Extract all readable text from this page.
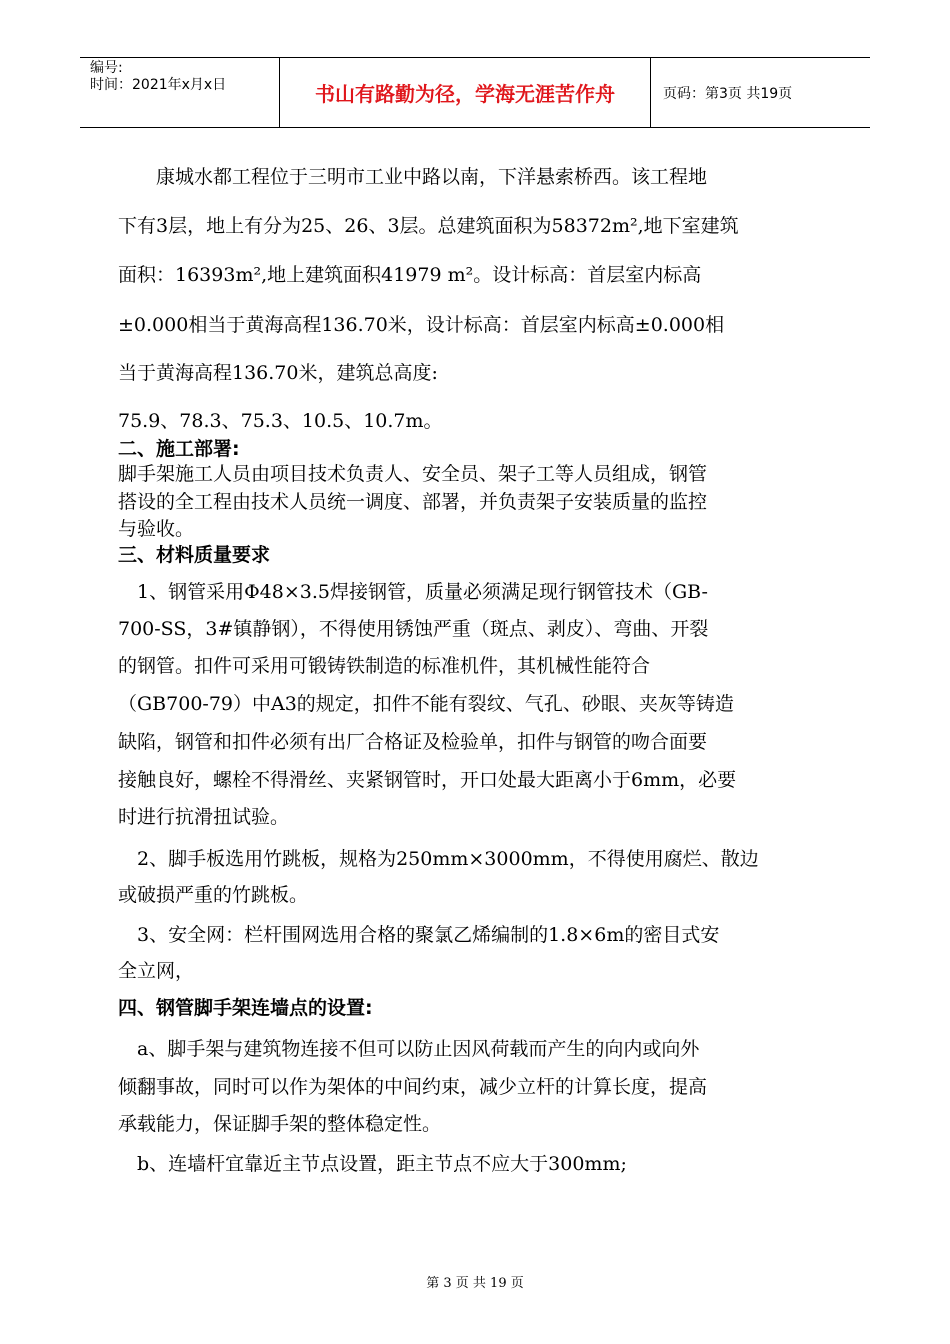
编号:
时间：2021年x月x日	书山有路勤为径，学海无涯苦作舟	页码：第3页 共19页
　　康城水都工程位于三明市工业中路以南，下洋悬索桥西。该工程地
下有3层，地上有分为25、26、3层。总建筑面积为58372m²,地下室建筑
面积：16393m²,地上建筑面积41979 m²。设计标高：首层室内标高
±0.000相当于黄海高程136.70米，设计标高：首层室内标高±0.000相
当于黄海高程136.70米，建筑总高度:
75.9、78.3、75.3、10.5、10.7m。
二、施工部署:
脚手架施工人员由项目技术负责人、安全员、架子工等人员组成，钢管
搭设的全工程由技术人员统一调度、部署，并负责架子安装质量的监控
与验收。
三、材料质量要求
　1、钢管采用Φ48×3.5焊接钢管，质量必须满足现行钢管技术（GB-
700-SS，3#镇静钢），不得使用锈蚀严重（斑点、剥皮）、弯曲、开裂
的钢管。扣件可采用可锻铸铁制造的标准机件，其机械性能符合
（GB700-79）中A3的规定，扣件不能有裂纹、气孔、砂眼、夹灰等铸造
缺陷，钢管和扣件必须有出厂合格证及检验单，扣件与钢管的吻合面要
接触良好，螺栓不得滑丝、夹紧钢管时，开口处最大距离小于6mm，必要
时进行抗滑扭试验。
　2、脚手板选用竹跳板，规格为250mm×3000mm，不得使用腐烂、散边
或破损严重的竹跳板。
　3、安全网：栏杆围网选用合格的聚氯乙烯编制的1.8×6m的密目式安
全立网，
四、钢管脚手架连墙点的设置:
　a、脚手架与建筑物连接不但可以防止因风荷载而产生的向内或向外
倾翻事故，同时可以作为架体的中间约束，减少立杆的计算长度，提高
承载能力，保证脚手架的整体稳定性。
　b、连墙杆宜靠近主节点设置，距主节点不应大于300mm;
第 3 页 共 19 页
